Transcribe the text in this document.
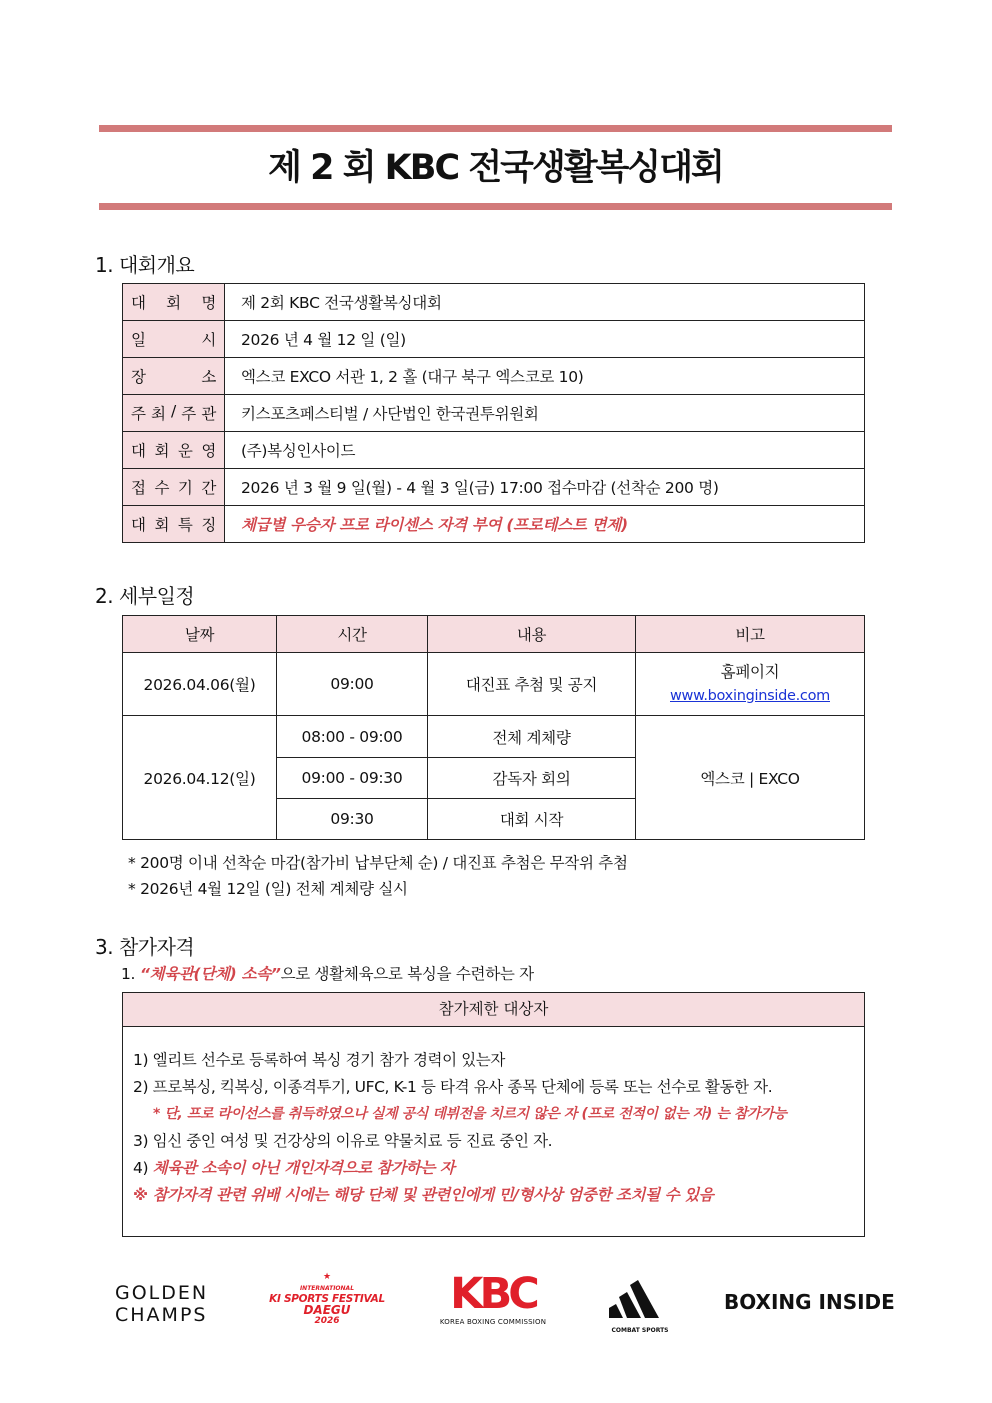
제 2 회 KBC 전국생활복싱대회
1. 대회개요
대 회 명	제 2회 KBC 전국생활복싱대회

일 시	2026 년 4 월 12 일 (일)

장 소	엑스코 EXCO 서관 1, 2 홀 (대구 북구 엑스코로 10)

주 최 / 주 관	키스포츠페스티벌 / 사단법인 한국권투위원회

대 회 운 영	(주)복싱인사이드

접 수 기 간	2026 년 3 월 9 일(월) - 4 월 3 일(금) 17:00 접수마감 (선착순 200 명)

대 회 특 징	체급별 우승자 프로 라이센스 자격 부여 (프로테스트 면제)
2. 세부일정
날짜	시간	내용	비고
2026.04.06(월)	09:00	대진표 추첨 및 공지	홈페이지
www.boxinginside.com
2026.04.12(일)	08:00 - 09:00	전체 계체량	엑스코 | EXCO
	09:00 - 09:30	감독자 회의	
	09:30	대회 시작	
* 200명 이내 선착순 마감(참가비 납부단체 순) / 대진표 추첨은 무작위 추첨
* 2026년 4월 12일 (일) 전체 계체량 실시
3. 참가자격
1. “체육관(단체) 소속”으로 생활체육으로 복싱을 수련하는 자
참가제한 대상자
1) 엘리트 선수로 등록하여 복싱 경기 참가 경력이 있는자
2) 프로복싱, 킥복싱, 이종격투기, UFC, K-1 등 타격 유사 종목 단체에 등록 또는 선수로 활동한 자.
* 단, 프로 라이선스를 취득하였으나 실제 공식 데뷔전을 치르지 않은 자 (프로 전적이 없는 자) 는 참가가능
3) 임신 중인 여성 및 건강상의 이유로 약물치료 등 진료 중인 자.
4) 체육관 소속이 아닌 개인자격으로 참가하는 자
※ 참가자격 관련 위배 시에는 해당 단체 및 관련인에게 민/형사상 엄중한 조치될 수 있음
GOLDEN
CHAMPS
★
INTERNATIONAL
KI SPORTS FESTIVAL
DAEGU
2026
KBC
KOREA BOXING COMMISSION
COMBAT SPORTS
BOXING INSIDE
